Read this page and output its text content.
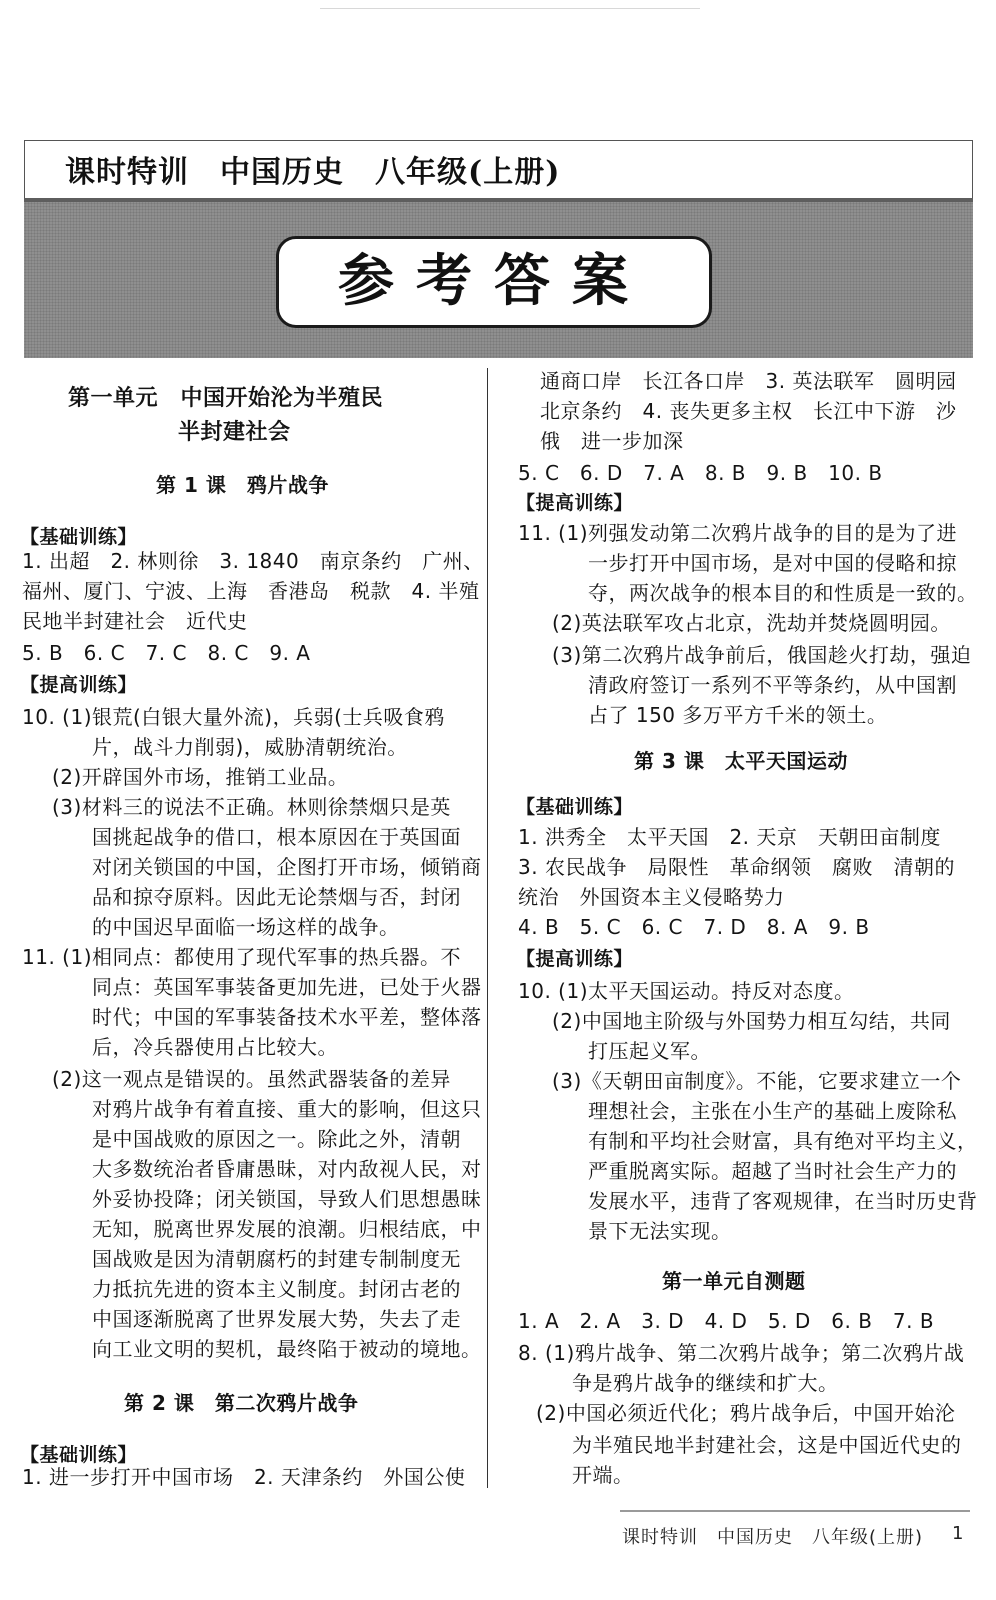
课时特训　中国历史　八年级(上册)
参考答案
第一单元　中国开始沦为半殖民
半封建社会
第 1 课　鸦片战争
【基础训练】
1. 出超　2. 林则徐　3. 1840　南京条约　广州、
福州、厦门、宁波、上海　香港岛　税款　4. 半殖
民地半封建社会　近代史
5. B　6. C　7. C　8. C　9. A
【提高训练】
10. (1)银荒(白银大量外流)，兵弱(士兵吸食鸦
片，战斗力削弱)，威胁清朝统治。
(2)开辟国外市场，推销工业品。
(3)材料三的说法不正确。林则徐禁烟只是英
国挑起战争的借口，根本原因在于英国面
对闭关锁国的中国，企图打开市场，倾销商
品和掠夺原料。因此无论禁烟与否，封闭
的中国迟早面临一场这样的战争。
11. (1)相同点：都使用了现代军事的热兵器。不
同点：英国军事装备更加先进，已处于火器
时代；中国的军事装备技术水平差，整体落
后，冷兵器使用占比较大。
(2)这一观点是错误的。虽然武器装备的差异
对鸦片战争有着直接、重大的影响，但这只
是中国战败的原因之一。除此之外，清朝
大多数统治者昏庸愚昧，对内敌视人民，对
外妥协投降；闭关锁国，导致人们思想愚昧
无知，脱离世界发展的浪潮。归根结底，中
国战败是因为清朝腐朽的封建专制制度无
力抵抗先进的资本主义制度。封闭古老的
中国逐渐脱离了世界发展大势，失去了走
向工业文明的契机，最终陷于被动的境地。
第 2 课　第二次鸦片战争
【基础训练】
1. 进一步打开中国市场　2. 天津条约　外国公使
通商口岸　长江各口岸　3. 英法联军　圆明园
北京条约　4. 丧失更多主权　长江中下游　沙
俄　进一步加深
5. C　6. D　7. A　8. B　9. B　10. B
【提高训练】
11. (1)列强发动第二次鸦片战争的目的是为了进
一步打开中国市场，是对中国的侵略和掠
夺，两次战争的根本目的和性质是一致的。
(2)英法联军攻占北京，洗劫并焚烧圆明园。
(3)第二次鸦片战争前后，俄国趁火打劫，强迫
清政府签订一系列不平等条约，从中国割
占了 150 多万平方千米的领土。
第 3 课　太平天国运动
【基础训练】
1. 洪秀全　太平天国　2. 天京　天朝田亩制度
3. 农民战争　局限性　革命纲领　腐败　清朝的
统治　外国资本主义侵略势力
4. B　5. C　6. C　7. D　8. A　9. B
【提高训练】
10. (1)太平天国运动。持反对态度。
(2)中国地主阶级与外国势力相互勾结，共同
打压起义军。
(3)《天朝田亩制度》。不能，它要求建立一个
理想社会，主张在小生产的基础上废除私
有制和平均社会财富，具有绝对平均主义，
严重脱离实际。超越了当时社会生产力的
发展水平，违背了客观规律，在当时历史背
景下无法实现。
第一单元自测题
1. A　2. A　3. D　4. D　5. D　6. B　7. B
8. (1)鸦片战争、第二次鸦片战争；第二次鸦片战
争是鸦片战争的继续和扩大。
(2)中国必须近代化；鸦片战争后，中国开始沦
为半殖民地半封建社会，这是中国近代史的
开端。
课时特训　中国历史　八年级(上册) 1
